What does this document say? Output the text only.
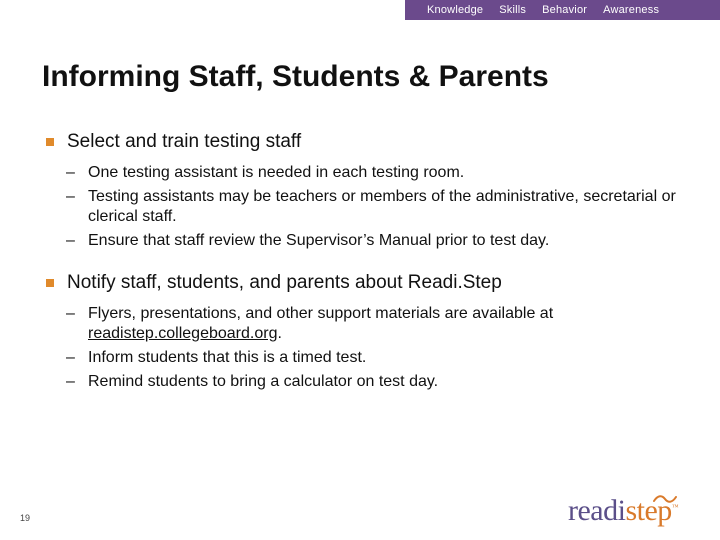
Knowledge Skills Behavior Awareness
Informing Staff, Students & Parents
Select and train testing staff
– One testing assistant is needed in each testing room.
– Testing assistants may be teachers or members of the administrative, secretarial or clerical staff.
– Ensure that staff review the Supervisor’s Manual prior to test day.
Notify staff, students, and parents about Readi.Step
– Flyers, presentations, and other support materials are available at readistep.collegeboard.org.
– Inform students that this is a timed test.
– Remind students to bring a calculator on test day.
19	readistep™
